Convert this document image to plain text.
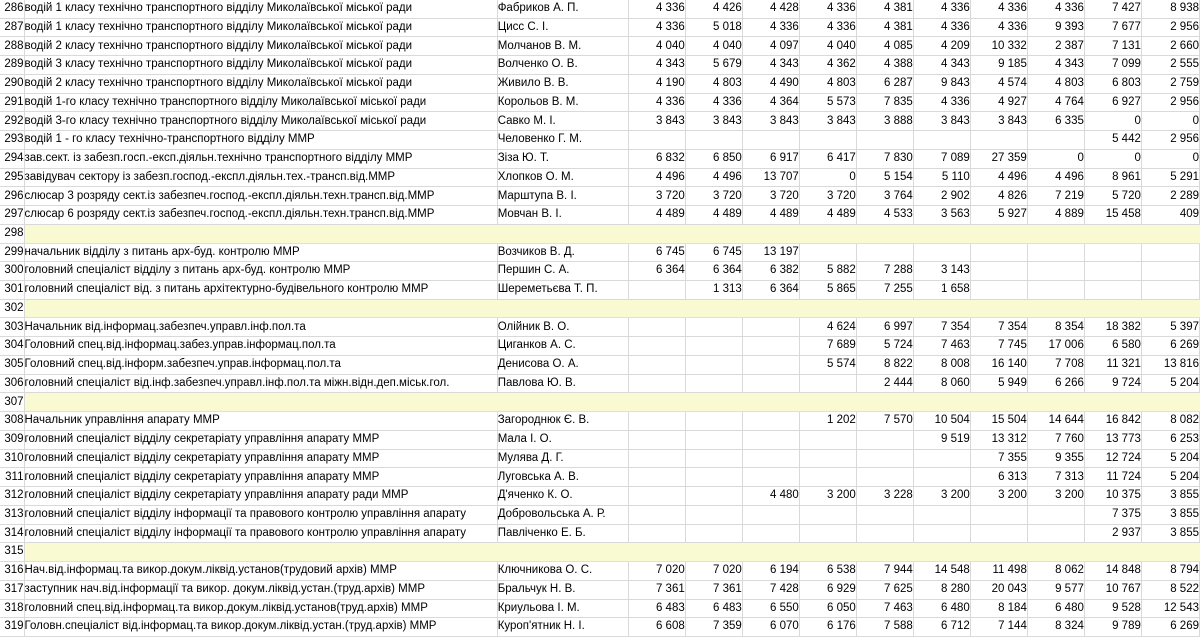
286	водій 1 класу технічно транспортного відділу Миколаївської міської ради	Фабриков А. П.	4 336	4 426	4 428	4 336	4 381	4 336	4 336	4 336	7 427	8 938
287	водій 1 класу технічно транспортного відділу Миколаївської міської ради	Цисс С. І.	4 336	5 018	4 336	4 336	4 381	4 336	4 336	9 393	7 677	2 956
288	водій 2 класу технічно транспортного відділу Миколаївської міської ради	Молчанов В. М.	4 040	4 040	4 097	4 040	4 085	4 209	10 332	2 387	7 131	2 660
289	водій 3 класу технічно транспортного відділу Миколаївської міської ради	Волченко О. В.	4 343	5 679	4 343	4 362	4 388	4 343	9 185	4 343	7 099	2 555
290	водій 2 класу технічно транспортного відділу Миколаївської міської ради	Живило В. В.	4 190	4 803	4 490	4 803	6 287	9 843	4 574	4 803	6 803	2 759
291	водій 1-го класу технічно транспортного відділу Миколаївської міської ради	Корольов В. М.	4 336	4 336	4 364	5 573	7 835	4 336	4 927	4 764	6 927	2 956
292	водій 3-го класу технічно транспортного відділу Миколаївської міської ради	Савко М. І.	3 843	3 843	3 843	3 843	3 888	3 843	3 843	6 335	0	0
293	водій 1 - го класу технічно-транспортного відділу ММР	Человенко Г. М.									5 442	2 956
294	зав.сект. із забезп.госп.-експ.діяльн.технічно транспортного відділу ММР	Зіза Ю. Т.	6 832	6 850	6 917	6 417	7 830	7 089	27 359	0	0	0
295	завідувач сектору із забезп.господ.-експл.діяльн.тех.-трансп.від.ММР	Хлопков О. М.	4 496	4 496	13 707	0	5 154	5 110	4 496	4 496	8 961	5 291
296	слюсар 3 розряду сект.із забезпеч.господ.-експл.діяльн.техн.трансп.від.ММР	Марштупа В. І.	3 720	3 720	3 720	3 720	3 764	2 902	4 826	7 219	5 720	2 289
297	слюсар 6 розряду сект.із забезпеч.господ.-експл.діяльн.техн.трансп.від.ММР	Мовчан В. І.	4 489	4 489	4 489	4 489	4 533	3 563	5 927	4 889	15 458	409
298												
299	начальник відділу з питань арх-буд. контролю ММР	Возчиков В. Д.	6 745	6 745	13 197							
300	головний спеціаліст відділу з питань арх-буд. контролю ММР	Першин С. А.	6 364	6 364	6 382	5 882	7 288	3 143				
301	головний спеціаліст від. з питань архітектурно-будівельного контролю ММР	Шереметьєва Т. П.		1 313	6 364	5 865	7 255	1 658				
302												
303	Начальник від.інформац.забезпеч.управл.інф.пол.та	Олійник В. О.				4 624	6 997	7 354	7 354	8 354	18 382	5 397
304	Головний спец.від.інформац.забез.управ.інформац.пол.та	Циганков А. С.				7 689	5 724	7 463	7 745	17 006	6 580	6 269
305	Головний спец.від.інформ.забезпеч.управ.інформац.пол.та	Денисова О. А.				5 574	8 822	8 008	16 140	7 708	11 321	13 816
306	головний спеціаліст від.інф.забезпеч.управл.інф.пол.та міжн.відн.деп.міськ.гол.	Павлова Ю. В.					2 444	8 060	5 949	6 266	9 724	5 204
307												
308	Начальник управління апарату ММР	Загороднюк Є. В.				1 202	7 570	10 504	15 504	14 644	16 842	8 082
309	головний спеціаліст відділу секретаріату управління апарату ММР	Мала І. О.						9 519	13 312	7 760	13 773	6 253
310	головний спеціаліст відділу секретаріату управління апарату ММР	Мулява Д. Г.							7 355	9 355	12 724	5 204
311	головний спеціаліст відділу секретаріату управління апарату ММР	Луговська А. В.							6 313	7 313	11 724	5 204
312	головний спеціаліст відділу секретаріату управління апарату ради ММР	Д'яченко К. О.			4 480	3 200	3 228	3 200	3 200	3 200	10 375	3 855
313	головний спеціаліст відділу інформації та правового контролю управління апарату	Добровольська А. Р.									7 375	3 855
314	головний спеціаліст відділу інформації та правового контролю управління апарату	Павліченко Е. Б.									2 937	3 855
315												
316	Нач.від.інформац.та викор.докум.ліквід.установ(трудовий архів) ММР	Ключникова О. С.	7 020	7 020	6 194	6 538	7 944	14 548	11 498	8 062	14 848	8 794
317	заступник нач.від.інформації та викор. докум.ліквід.устан.(труд.архів) ММР	Бральчук Н. В.	7 361	7 361	7 428	6 929	7 625	8 280	20 043	9 577	10 767	8 522
318	головний спец.від.інформац.та викор.докум.ліквід.установ(труд.архів) ММР	Криульова І. М.	6 483	6 483	6 550	6 050	7 463	6 480	8 184	6 480	9 528	12 543
319	Головн.спеціаліст від.інформац.та викор.докум.ліквід.устан.(труд.архів) ММР	Куроп'ятник Н. І.	6 608	7 359	6 070	6 176	7 588	6 712	7 144	8 324	9 789	6 269
